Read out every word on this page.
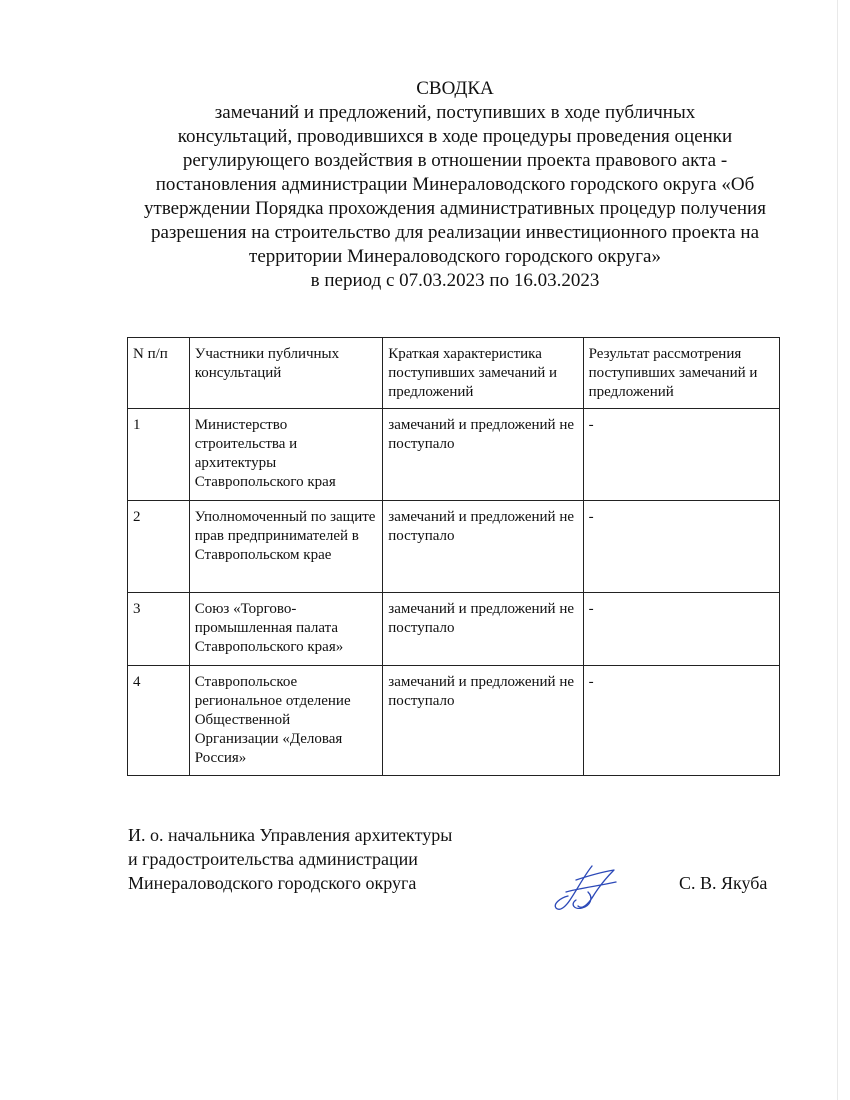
СВОДКА
замечаний и предложений, поступивших в ходе публичных
консультаций, проводившихся в ходе процедуры проведения оценки
регулирующего воздействия в отношении проекта правового акта -
постановления администрации Минераловодского городского округа «Об
утверждении Порядка прохождения административных процедур получения
разрешения на строительство для реализации инвестиционного проекта на
территории Минераловодского городского округа»
в период с 07.03.2023 по 16.03.2023
N п/п	Участники публичных консультаций	Краткая характеристика поступивших замечаний и предложений	Результат рассмотрения поступивших замечаний и предложений
1	Министерство строительства и архитектуры Ставропольского края	замечаний и предложений не поступало	-
2	Уполномоченный по защите прав предпринимателей в Ставропольском крае	замечаний и предложений не поступало	-
3	Союз «Торгово-промышленная палата Ставропольского края»	замечаний и предложений не поступало	-
4	Ставропольское региональное отделение Общественной Организации «Деловая Россия»	замечаний и предложений не поступало	-
И. о. начальника Управления архитектуры
и градостроительства администрации
Минераловодского городского округа	С. В. Якуба
